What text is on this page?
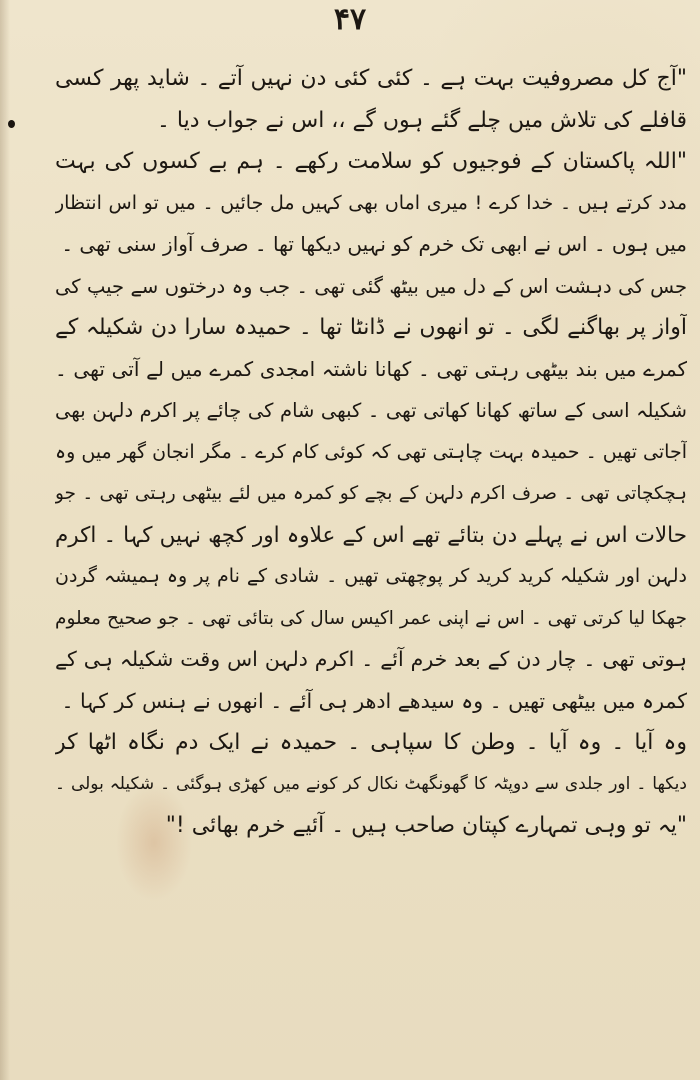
۴۷
"آج کل مصروفیت بہت ہے ۔ کئی کئی دن نہیں آتے ۔ شاید پھر کسی
قافلے کی تلاش میں چلے گئے ہوں گے ،، اس نے جواب دیا ۔
"اللہ پاکستان کے فوجیوں کو سلامت رکھے ۔ ہم بے کسوں کی بہت
مدد کرتے ہیں ۔ خدا کرے ! میری اماں بھی کہیں مل جائیں ۔ میں تو اس انتظار
میں ہوں ۔ اس نے ابھی تک خرم کو نہیں دیکھا تھا ۔ صرف آواز سنی تھی ۔
جس کی دہشت اس کے دل میں بیٹھ گئی تھی ۔ جب وہ درختوں سے جیپ کی
آواز پر بھاگنے لگی ۔ تو انھوں نے ڈانٹا تھا ۔ حمیدہ سارا دن شکیلہ کے
کمرے میں بند بیٹھی رہتی تھی ۔ کھانا ناشتہ امجدی کمرے میں لے آتی تھی ۔
شکیلہ اسی کے ساتھ کھانا کھاتی تھی ۔ کبھی شام کی چائے پر اکرم دلہن بھی
آجاتی تھیں ۔ حمیدہ بہت چاہتی تھی کہ کوئی کام کرے ۔ مگر انجان گھر میں وہ
ہچکچاتی تھی ۔ صرف اکرم دلہن کے بچے کو کمرہ میں لئے بیٹھی رہتی تھی ۔ جو
حالات اس نے پہلے دن بتائے تھے اس کے علاوہ اور کچھ نہیں کہا ۔ اکرم
دلہن اور شکیلہ کرید کرید کر پوچھتی تھیں ۔ شادی کے نام پر وہ ہمیشہ گردن
جھکا لیا کرتی تھی ۔ اس نے اپنی عمر اکیس سال کی بتائی تھی ۔ جو صحیح معلوم
ہوتی تھی ۔ چار دن کے بعد خرم آئے ۔ اکرم دلہن اس وقت شکیلہ ہی کے
کمرہ میں بیٹھی تھیں ۔ وہ سیدھے ادھر ہی آئے ۔ انھوں نے ہنس کر کہا ۔
وہ آیا ۔ وہ آیا ۔ وطن کا سپاہی ۔ حمیدہ نے ایک دم نگاہ اٹھا کر
دیکھا ۔ اور جلدی سے دوپٹہ کا گھونگھٹ نکال کر کونے میں کھڑی ہوگئی ۔ شکیلہ بولی ۔
"یہ تو وہی تمہارے کپتان صاحب ہیں ۔ آئیے خرم بھائی !"
